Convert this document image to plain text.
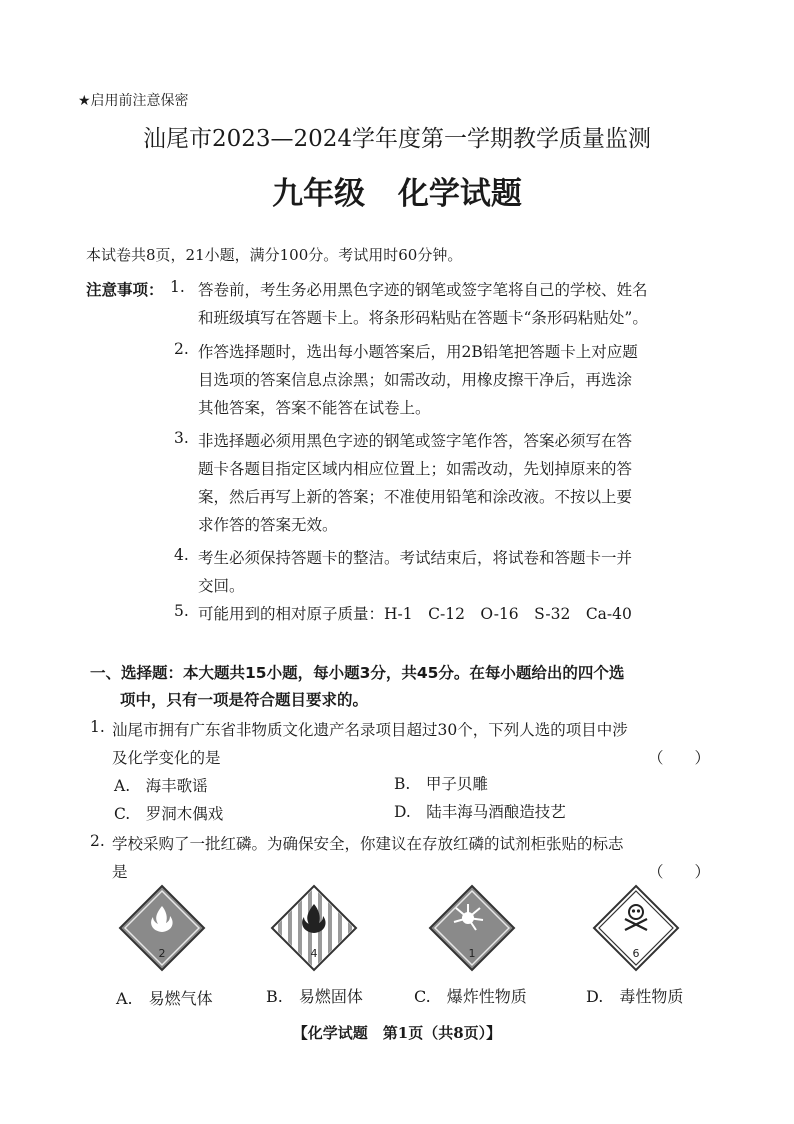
★启用前注意保密
汕尾市2023—2024学年度第一学期教学质量监测
九年级 化学试题
本试卷共8页，21小题，满分100分。考试用时60分钟。
注意事项： 1. 答卷前，考生务必用黑色字迹的钢笔或签字笔将自己的学校、姓名
和班级填写在答题卡上。将条形码粘贴在答题卡“条形码粘贴处”。
2. 作答选择题时，选出每小题答案后，用2B铅笔把答题卡上对应题
目选项的答案信息点涂黑；如需改动，用橡皮擦干净后，再选涂
其他答案，答案不能答在试卷上。
3. 非选择题必须用黑色字迹的钢笔或签字笔作答，答案必须写在答
题卡各题目指定区域内相应位置上；如需改动，先划掉原来的答
案，然后再写上新的答案；不准使用铅笔和涂改液。不按以上要
求作答的答案无效。
4. 考生必须保持答题卡的整洁。考试结束后，将试卷和答题卡一并
交回。
5. 可能用到的相对原子质量：H-1　C-12　O-16　S-32　Ca-40
一、选择题：本大题共15小题，每小题3分，共45分。在每小题给出的四个选
项中，只有一项是符合题目要求的。
1. 汕尾市拥有广东省非物质文化遗产名录项目超过30个，下列人选的项目中涉
及化学变化的是	（　　）
A.　海丰歌谣	B.　甲子贝雕
C.　罗洞木偶戏	D.　陆丰海马酒酿造技艺
2. 学校采购了一批红磷。为确保安全，你建议在存放红磷的试剂柜张贴的标志
是	（　　）
2	4	1	6
A.　易燃气体	B.　易燃固体	C.　爆炸性物质	D.　毒性物质
【化学试题　第1页（共8页）】
